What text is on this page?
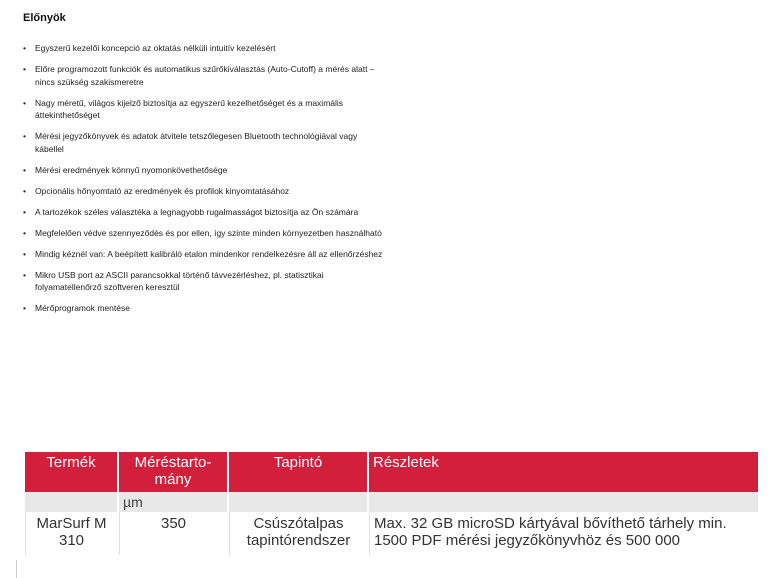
Előnyök
• Egyszerű kezelői koncepció az oktatás nélküli intuitív kezelésért
• Előre programozott funkciók és automatikus szűrőkiválasztás (Auto-Cutoff) a mérés alatt – nincs szükség szakismeretre
• Nagy méretű, világos kijelző biztosítja az egyszerű kezelhetőséget és a maximális áttekinthetőséget
• Mérési jegyzőkönyvek és adatok átvitele tetszőlegesen Bluetooth technológiával vagy kábellel
• Mérési eredmények könnyű nyomonkövethetősége
• Opcionális hőnyomtató az eredmények és profilok kinyomtatásához
• A tartozékok széles választéka a legnagyobb rugalmasságot biztosítja az Ön számára
• Megfelelően védve szennyeződés és por ellen, így szinte minden környezetben használható
• Mindig kéznél van: A beépített kalibráló etalon mindenkor rendelkezésre áll az ellenőrzéshez
• Mikro USB port az ASCII parancsokkal történő távvezérléshez, pl. statisztikai folyamatellenőrző szoftveren keresztül
• Mérőprogramok mentése
Termék	Méréstarto-mány	Tapintó	Részletek
	µm		

MarSurf M 310	350	Csúszótalpas tapintórendszer	Max. 32 GB microSD kártyával bővíthető tárhely min. 1500 PDF mérési jegyzőkönyvhöz és 500 000
